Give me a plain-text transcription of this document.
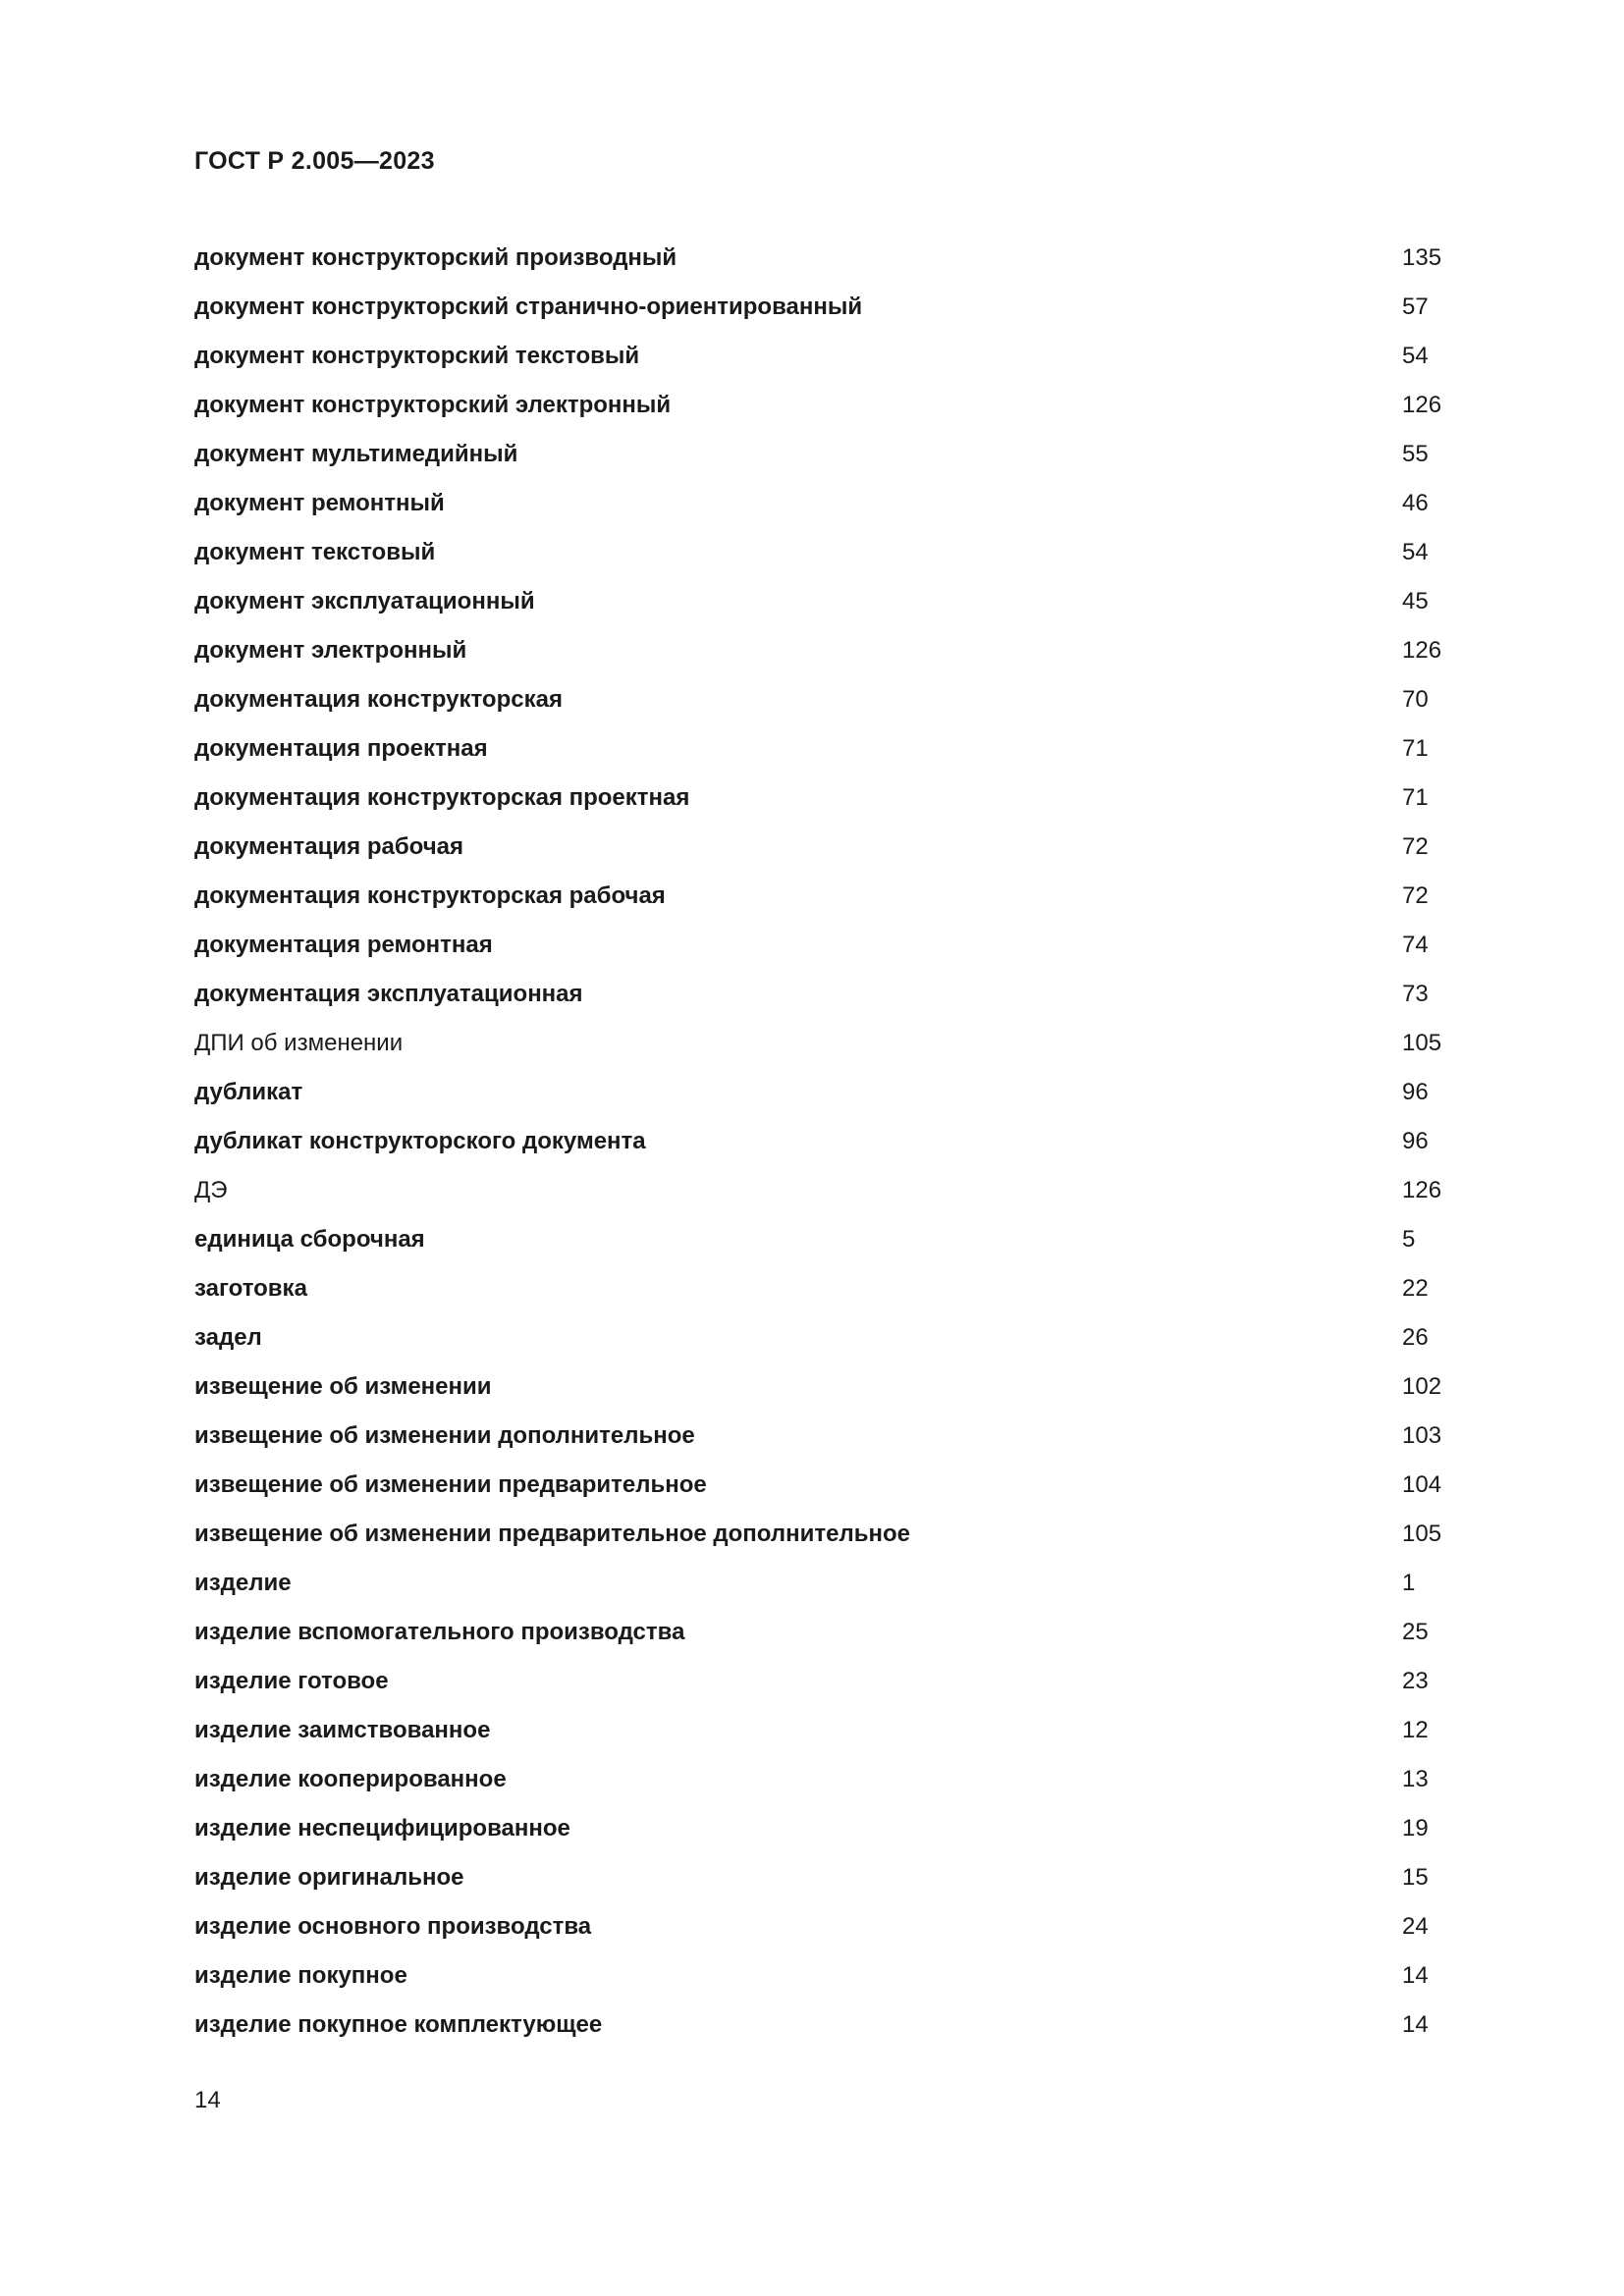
ГОСТ Р 2.005—2023
документ конструкторский производный	135
документ конструкторский странично-ориентированный	57
документ конструкторский текстовый	54
документ конструкторский электронный	126
документ мультимедийный	55
документ ремонтный	46
документ текстовый	54
документ эксплуатационный	45
документ электронный	126
документация конструкторская	70
документация проектная	71
документация конструкторская проектная	71
документация рабочая	72
документация конструкторская рабочая	72
документация ремонтная	74
документация эксплуатационная	73
ДПИ об изменении	105
дубликат	96
дубликат конструкторского документа	96
ДЭ	126
единица сборочная	5
заготовка	22
задел	26
извещение об изменении	102
извещение об изменении дополнительное	103
извещение об изменении предварительное	104
извещение об изменении предварительное дополнительное	105
изделие	1
изделие вспомогательного производства	25
изделие готовое	23
изделие заимствованное	12
изделие кооперированное	13
изделие неспецифицированное	19
изделие оригинальное	15
изделие основного производства	24
изделие покупное	14
изделие покупное комплектующее	14
14
